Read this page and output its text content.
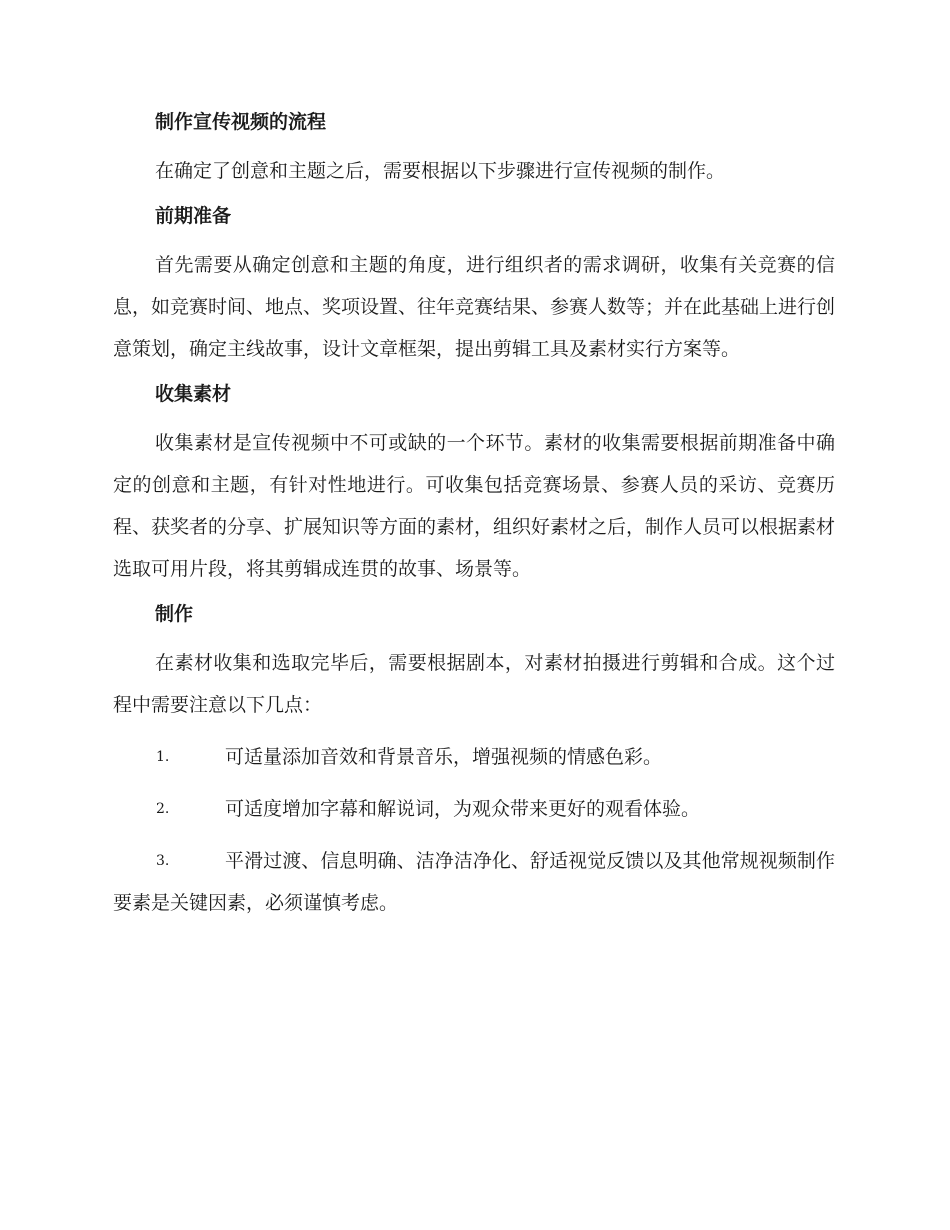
制作宣传视频的流程

在确定了创意和主题之后，需要根据以下步骤进行宣传视频的制作。

前期准备

首先需要从确定创意和主题的角度，进行组织者的需求调研，收集有关竞赛的信息，如竞赛时间、地点、奖项设置、往年竞赛结果、参赛人数等；并在此基础上进行创意策划，确定主线故事，设计文章框架，提出剪辑工具及素材实行方案等。

收集素材

收集素材是宣传视频中不可或缺的一个环节。素材的收集需要根据前期准备中确定的创意和主题，有针对性地进行。可收集包括竞赛场景、参赛人员的采访、竞赛历程、获奖者的分享、扩展知识等方面的素材，组织好素材之后，制作人员可以根据素材选取可用片段，将其剪辑成连贯的故事、场景等。

制作

在素材收集和选取完毕后，需要根据剧本，对素材拍摄进行剪辑和合成。这个过程中需要注意以下几点：

1.	可适量添加音效和背景音乐，增强视频的情感色彩。
2.	可适度增加字幕和解说词，为观众带来更好的观看体验。
3.	平滑过渡、信息明确、洁净洁净化、舒适视觉反馈以及其他常规视频制作要素是关键因素，必须谨慎考虑。
